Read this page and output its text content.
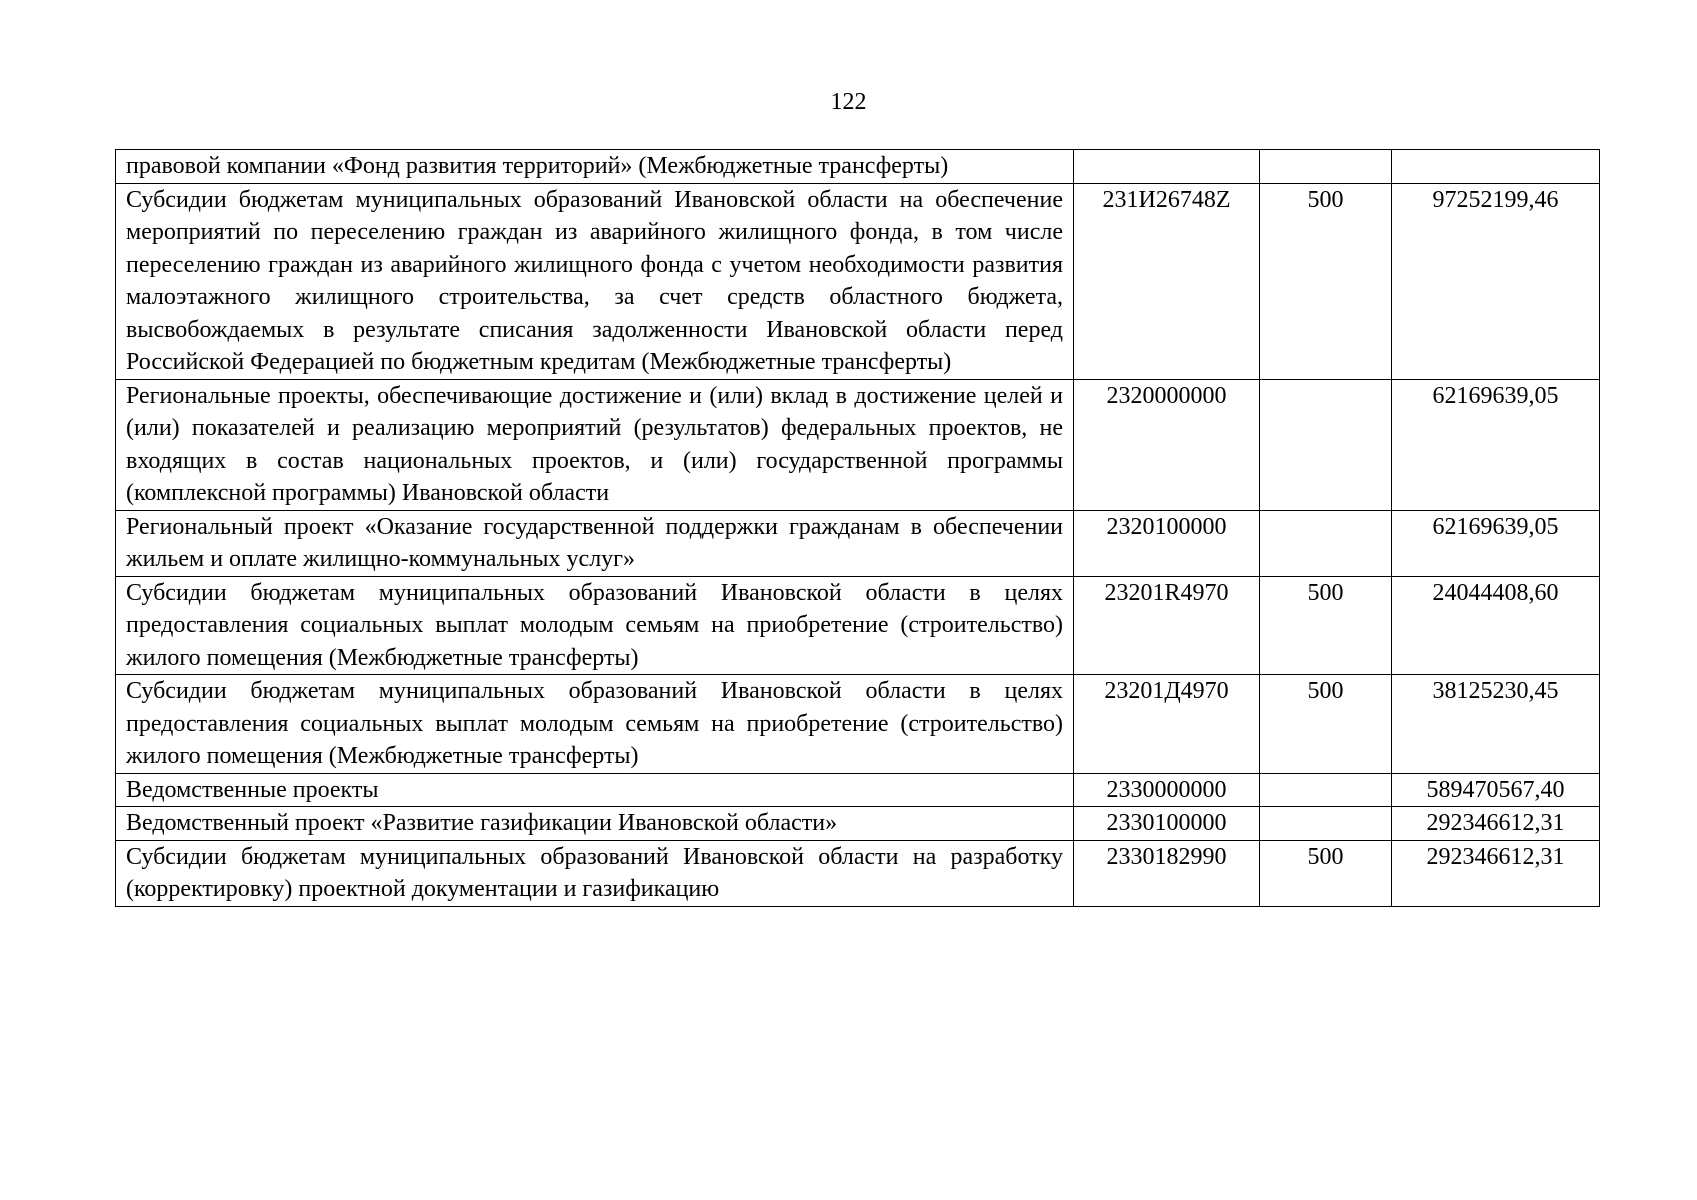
122
правовой компании «Фонд развития территорий» (Межбюджетные трансферты)			
Субсидии бюджетам муниципальных образований Ивановской области на обеспечение мероприятий по переселению граждан из аварийного жилищного фонда, в том числе переселению граждан из аварийного жилищного фонда с учетом необходимости развития малоэтажного жилищного строительства, за счет средств областного бюджета, высвобождаемых в результате списания задолженности Ивановской области перед Российской Федерацией по бюджетным кредитам (Межбюджетные трансферты)	231И26748Z	500	97252199,46
Региональные проекты, обеспечивающие достижение и (или) вклад в достижение целей и (или) показателей и реализацию мероприятий (результатов) федеральных проектов, не входящих в состав национальных проектов, и (или) государственной программы (комплексной программы) Ивановской области	2320000000		62169639,05
Региональный проект «Оказание государственной поддержки гражданам в обеспечении жильем и оплате жилищно-коммунальных услуг»	2320100000		62169639,05
Субсидии бюджетам муниципальных образований Ивановской области в целях предоставления социальных выплат молодым семьям на приобретение (строительство) жилого помещения (Межбюджетные трансферты)	23201R4970	500	24044408,60
Субсидии бюджетам муниципальных образований Ивановской области в целях предоставления социальных выплат молодым семьям на приобретение (строительство) жилого помещения (Межбюджетные трансферты)	23201Д4970	500	38125230,45
Ведомственные проекты	2330000000		589470567,40
Ведомственный проект «Развитие газификации Ивановской области»	2330100000		292346612,31
Субсидии бюджетам муниципальных образований Ивановской области на разработку (корректировку) проектной документации и газификацию	2330182990	500	292346612,31
